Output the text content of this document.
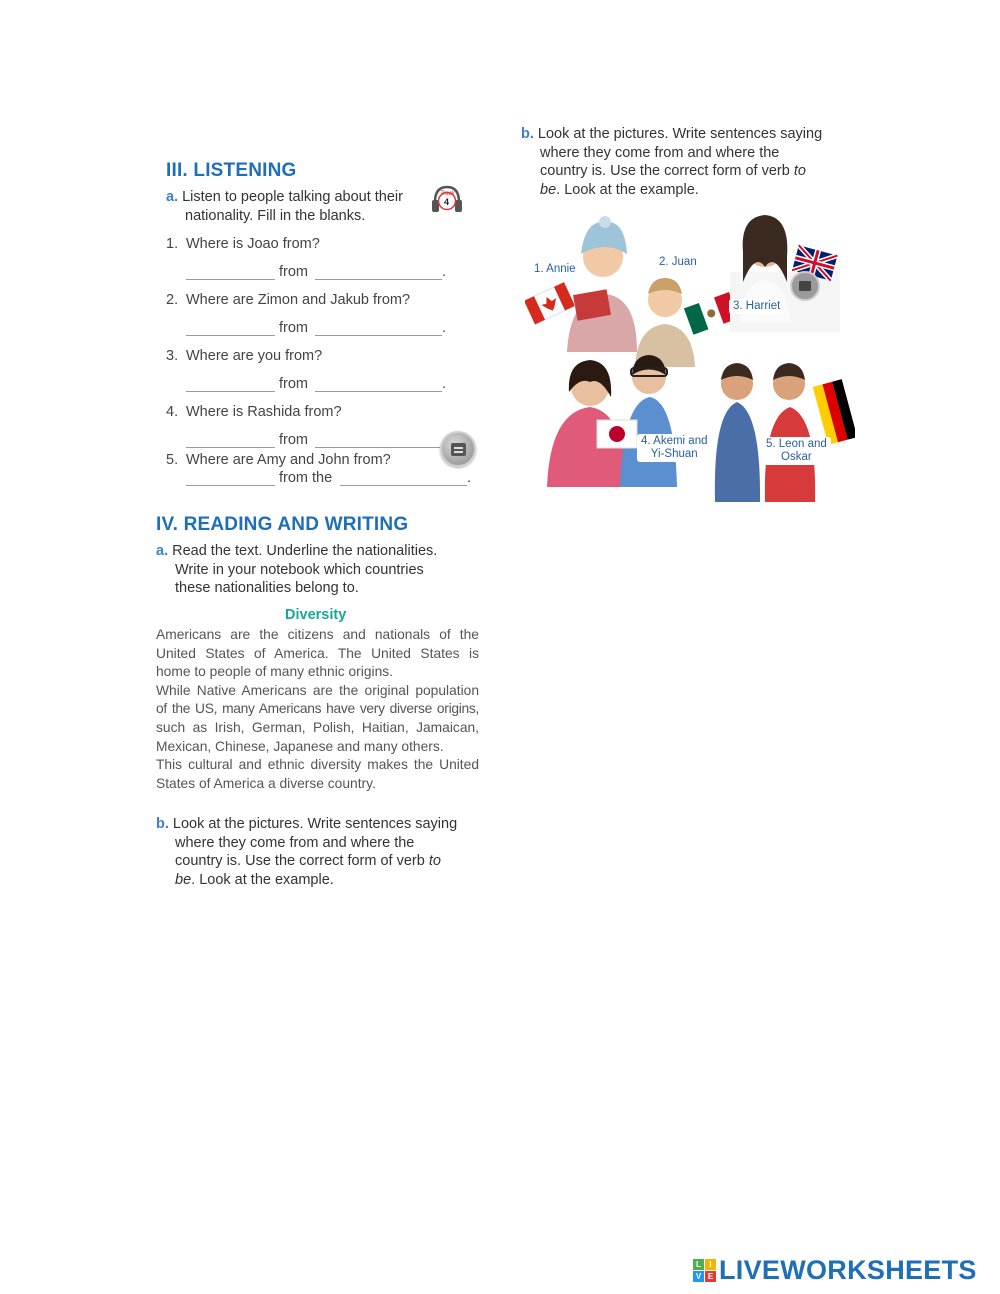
III. LISTENING
a. Listen to people talking about their
nationality. Fill in the blanks.
Track
4
1. Where is Joao from?
from	.
2. Where are Zimon and Jakub from?
from	.
3. Where are you from?
from	.
4. Where is Rashida from?
from
5. Where are Amy and John from?
from the	.
IV. READING AND WRITING
a. Read the text. Underline the nationalities.
Write in your notebook which countries
these nationalities belong to.
Diversity
Americans are the citizens and nationals of the
United States of America. The United States is
home to people of many ethnic origins.
While Native Americans are the original population
of the US, many Americans have very diverse origins,
such as Irish, German, Polish, Haitian, Jamaican,
Mexican, Chinese, Japanese and many others.
This cultural and ethnic diversity makes the United
States of America a diverse country.
b. Look at the pictures. Write sentences saying
where they come from and where the
country is. Use the correct form of verb to
be. Look at the example.
b. Look at the pictures. Write sentences saying
where they come from and where the
country is. Use the correct form of verb to
be. Look at the example.
1. Annie
2. Juan
3. Harriet
4. Akemi and
Yi-Shuan
5. Leon and
Oskar
L	I
V E LIVEWORKSHEETS
